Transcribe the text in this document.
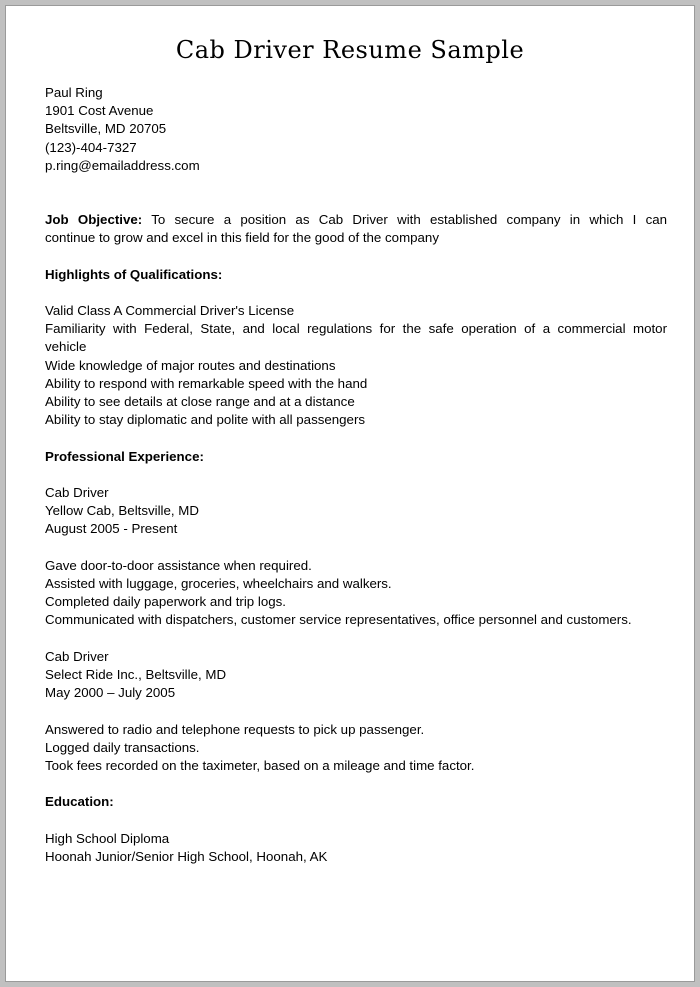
Cab Driver Resume Sample
Paul Ring
1901 Cost Avenue
Beltsville, MD 20705
(123)-404-7327
p.ring@emailaddress.com
Job Objective: To secure a position as Cab Driver with established company in which I can
continue to grow and excel in this field for the good of the company
Highlights of Qualifications:
Valid Class A Commercial Driver's License
Familiarity with Federal, State, and local regulations for the safe operation of a commercial motor
vehicle
Wide knowledge of major routes and destinations
Ability to respond with remarkable speed with the hand
Ability to see details at close range and at a distance
Ability to stay diplomatic and polite with all passengers
Professional Experience:
Cab Driver
Yellow Cab, Beltsville, MD
August 2005 - Present
Gave door-to-door assistance when required.
Assisted with luggage, groceries, wheelchairs and walkers.
Completed daily paperwork and trip logs.
Communicated with dispatchers, customer service representatives, office personnel and customers.
Cab Driver
Select Ride Inc., Beltsville, MD
May 2000 – July 2005
Answered to radio and telephone requests to pick up passenger.
Logged daily transactions.
Took fees recorded on the taximeter, based on a mileage and time factor.
Education:
High School Diploma
Hoonah Junior/Senior High School, Hoonah, AK
